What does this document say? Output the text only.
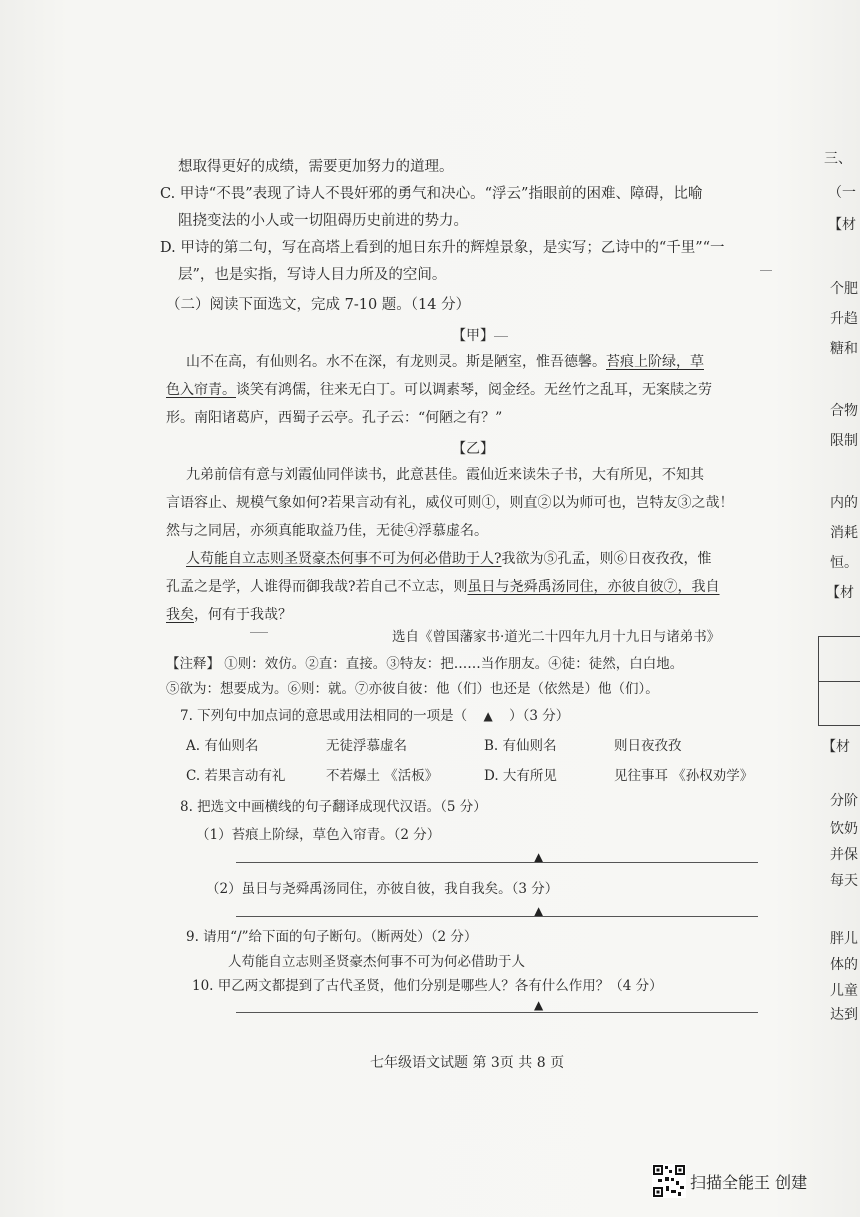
想取得更好的成绩，需要更加努力的道理。
C. 甲诗“不畏”表现了诗人不畏奸邪的勇气和决心。“浮云”指眼前的困难、障碍，比喻
阻挠变法的小人或一切阻碍历史前进的势力。
D. 甲诗的第二句，写在高塔上看到的旭日东升的辉煌景象，是实写；乙诗中的“千里”“一
层”，也是实指，写诗人目力所及的空间。
（二）阅读下面选文，完成 7-10 题。（14 分）
【甲】
山不在高，有仙则名。水不在深，有龙则灵。斯是陋室，惟吾德馨。苔痕上阶绿，草
色入帘青。谈笑有鸿儒，往来无白丁。可以调素琴，阅金经。无丝竹之乱耳，无案牍之劳
形。南阳诸葛庐，西蜀子云亭。孔子云：“何陋之有？”
【乙】
九弟前信有意与刘霞仙同伴读书，此意甚佳。霞仙近来读朱子书，大有所见，不知其
言语容止、规模气象如何?若果言动有礼，威仪可则①，则直②以为师可也，岂特友③之哉！
然与之同居，亦须真能取益乃佳，无徒④浮慕虚名。
人苟能自立志则圣贤豪杰何事不可为何必借助于人?我欲为⑤孔孟，则⑥日夜孜孜，惟
孔孟之是学，人谁得而御我哉?若自己不立志，则虽日与尧舜禹汤同住，亦彼自彼⑦，我自
我矣，何有于我哉？
选自《曾国藩家书·道光二十四年九月十九日与诸弟书》
【注释】 ①则：效仿。②直：直接。③特友：把……当作朋友。④徒：徒然，白白地。
⑤欲为：想要成为。⑥则：就。⑦亦彼自彼：他（们）也还是（依然是）他（们）。
7. 下列句中加点词的意思或用法相同的一项是（ ▲ ）（3 分）
A. 有仙则名	无徒浮慕虚名	B. 有仙则名	则日夜孜孜
C. 若果言动有礼	不若爆土 《活板》	D. 大有所见	见往事耳 《孙权劝学》
8. 把选文中画横线的句子翻译成现代汉语。（5 分）
（1）苔痕上阶绿，草色入帘青。（2 分）
▲
（2）虽日与尧舜禹汤同住，亦彼自彼，我自我矣。（3 分）
▲
9. 请用“/”给下面的句子断句。（断两处）（2 分）
人苟能自立志则圣贤豪杰何事不可为何必借助于人
10. 甲乙两文都提到了古代圣贤，他们分别是哪些人？各有什么作用？（4 分）
▲
七年级语文试题 第 3页 共 8 页
三、
（一
【材
个肥
升趋
糖和
合物
限制
内的
消耗
恒。
【材
【材
分阶
饮奶
并保
每天
胖儿
体的
儿童
达到
扫描全能王 创建
